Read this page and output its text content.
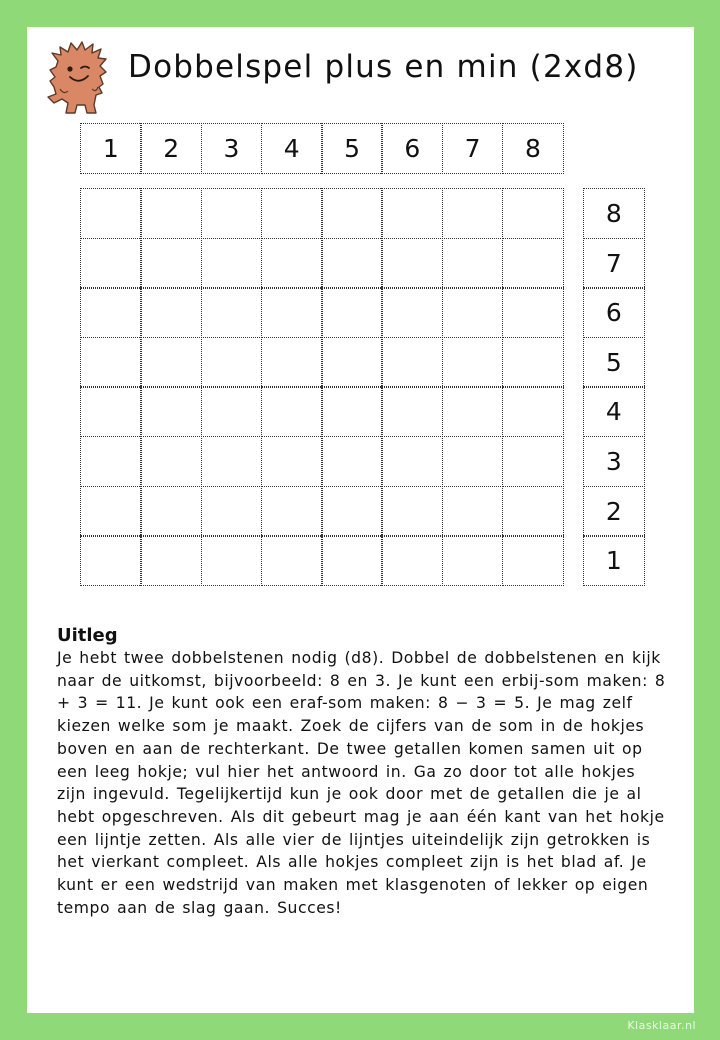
Dobbelspel plus en min (2xd8)
1	2	3	4	5	6	7	8
8
7
6
5
4
3
2
1
Uitleg

Je hebt twee dobbelstenen nodig (d8). Dobbel de dobbelstenen en kijk naar de uitkomst, bijvoorbeeld: 8 en 3. Je kunt een erbij-som maken: 8 + 3 = 11. Je kunt ook een eraf-som maken: 8 − 3 = 5. Je mag zelf kiezen welke som je maakt. Zoek de cijfers van de som in de hokjes boven en aan de rechterkant. De twee getallen komen samen uit op een leeg hokje; vul hier het antwoord in. Ga zo door tot alle hokjes zijn ingevuld. Tegelijkertijd kun je ook door met de getallen die je al hebt opgeschreven. Als dit gebeurt mag je aan één kant van het hokje een lijntje zetten. Als alle vier de lijntjes uiteindelijk zijn getrokken is het vierkant compleet. Als alle hokjes compleet zijn is het blad af. Je kunt er een wedstrijd van maken met klasgenoten of lekker op eigen tempo aan de slag gaan. Succes!

Klasklaar.nl
